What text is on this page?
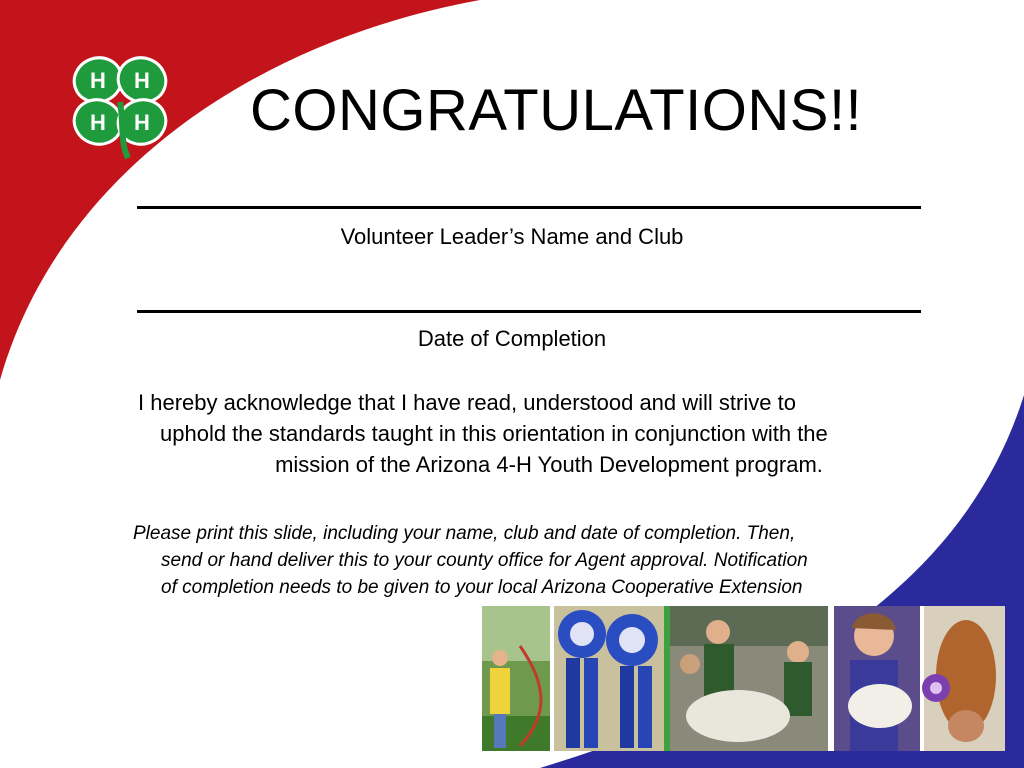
H H
H H CONGRATULATIONS!!
Volunteer Leader’s Name and Club
Date of Completion
I hereby acknowledge that I have read, understood and will strive to
uphold the standards taught in this orientation in conjunction with the
mission of the Arizona 4-H Youth Development program.
Please print this slide, including your name, club and date of completion. Then,
send or hand deliver this to your county office for Agent approval. Notification
of completion needs to be given to your local Arizona Cooperative Extension
